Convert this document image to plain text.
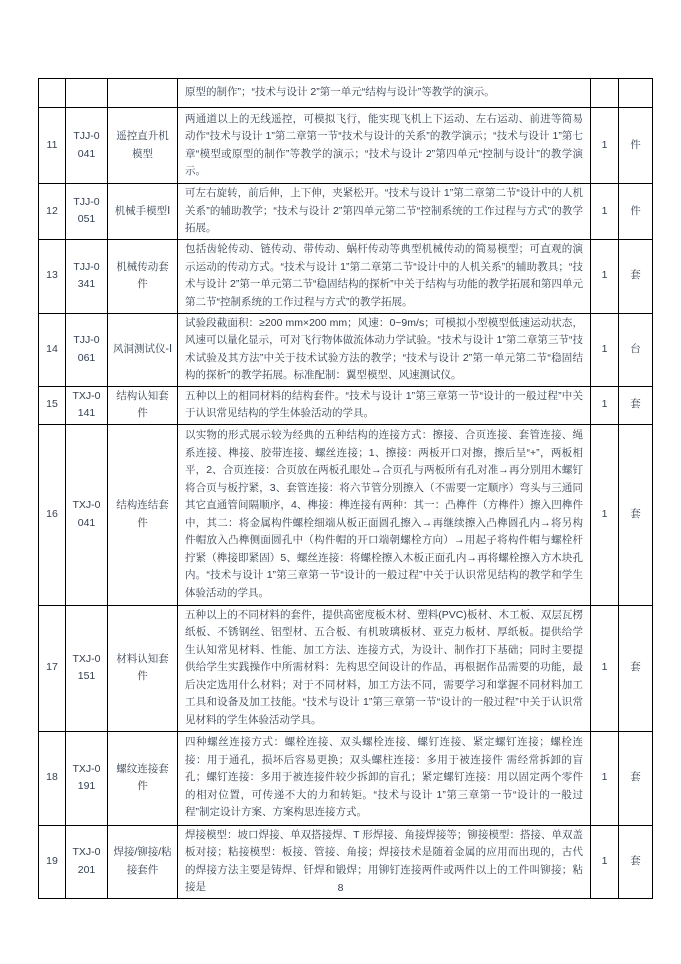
			原型的制作”；“技术与设计 2”第一单元“结构与设计”等教学的演示。		
11	TJJ-0 041	遥控直升机模型	两通道以上的无线遥控，可模拟飞行，能实现飞机上下运动、左右运动、前进等简易动作“技术与设计 1”第二章第一节“技术与设计的关系”的教学演示；“技术与设计 1”第七章“模型或原型的制作”等教学的演示；“技术与设计 2”第四单元“控制与设计”的教学演示。	1	件
12	TJJ-0 051	机械手模型Ⅰ	可左右旋转，前后伸，上下伸，夹紧松开。“技术与设计 1”第二章第二节“设计中的人机关系”的辅助教学；“技术与设计 2”第四单元第二节“控制系统的工作过程与方式”的教学拓展。	1	件
13	TJJ-0 341	机械传动套件	包括齿轮传动、链传动、带传动、蜗杆传动等典型机械传动的简易模型；可直观的演示运动的传动方式。“技术与设计 1”第二章第二节“设计中的人机关系”的辅助教具；“技术与设计 2”第一单元第二节“稳固结构的探析”中关于结构与功能的教学拓展和第四单元第二节“控制系统的工作过程与方式”的教学拓展。	1	套
14	TJJ-0 061	风洞测试仪-Ⅰ	试验段截面积：≥200 mm×200 mm；风速：0~9m/s；可模拟小型模型低速运动状态，风速可以量化显示，可对飞行物体做流体动力学试验。“技术与设计 1”第二章第三节“技术试验及其方法”中关于技术试验方法的教学；“技术与设计 2”第一单元第二节“稳固结构的探析”的教学拓展。标准配制：翼型模型、风速测试仪。	1	台
15	TXJ-0 141	结构认知套件	五种以上的相同材料的结构套件。“技术与设计 1”第三章第一节“设计的一般过程”中关于认识常见结构的学生体验活动的学具。	1	套
16	TXJ-0 041	结构连结套件	以实物的形式展示较为经典的五种结构的连接方式：擦接、合页连接、套管连接、绳系连接、榫接、胶带连接、螺丝连接；1、擦接：两板开口对擦，擦后呈“+”，两板相平，2、合页连接：合页放在两板孔眼处→合页孔与两板所有孔对准→再分别用木螺钉将合页与板拧紧，3、套管连接：将六节管分别擦入（不需要一定顺序）弯头与三通同其它直通管间隔顺序，4、榫接：榫连接有两种：其一：凸榫件（方榫件）擦入凹榫件中，其二：将金属构件螺栓细端从板正面圆孔擦入→再继续擦入凸榫圆孔内→将另构件帽放入凸榫侧面圆孔中（构件帽的开口端朝螺栓方向）→用起子将构件帽与螺栓杆拧紧（榫接即紧固）5、螺丝连接：将螺栓擦入木板正面孔内→再将螺栓擦入方木块孔内。“技术与设计 1”第三章第一节“设计的一般过程”中关于认识常见结构的教学和学生体验活动的学具。	1	套
17	TXJ-0 151	材料认知套件	五种以上的不同材料的套件，提供高密度板木材、塑料(PVC)板材、木工板、双层瓦楞纸板、不锈钢丝、铝型材、五合板、有机玻璃板材、亚克力板材、厚纸板。提供给学生认知常见材料、性能、加工方法、连接方式，为设计、制作打下基础；同时主要提供给学生实践操作中所需材料：先构思空间设计的作品，再根据作品需要的功能，最后决定选用什么材料；对于不同材料，加工方法不同，需要学习和掌握不同材料加工工具和设备及加工技能。“技术与设计 1”第三章第一节“设计的一般过程”中关于认识常见材料的学生体验活动学具。	1	套
18	TXJ-0 191	螺纹连接套件	四种螺丝连接方式：螺栓连接、双头螺栓连接、螺钉连接、紧定螺钉连接；螺栓连接：用于通孔，损坏后容易更换；双头螺柱连接：多用于被连接件 需经常拆卸的盲孔；螺钉连接：多用于被连接件较少拆卸的盲孔；紧定螺钉连接：用以固定两个零件的相对位置，可传递不大的力和转矩。“技术与设计 1”第三章第一节“设计的一般过程”制定设计方案、方案构思连接方式。	1	套
19	TXJ-0 201	焊接/铆接/粘接套件	焊接模型：坡口焊接、单双搭接焊、T 形焊接、角接焊接等；铆接模型：搭接、单双盖板对接；粘接模型：板接、管接、角接；焊接技术是随着金属的应用而出现的，古代的焊接方法主要是铸焊、钎焊和锻焊；用铆钉连接两件或两件以上的工件叫铆接；粘接是	1	套
8
